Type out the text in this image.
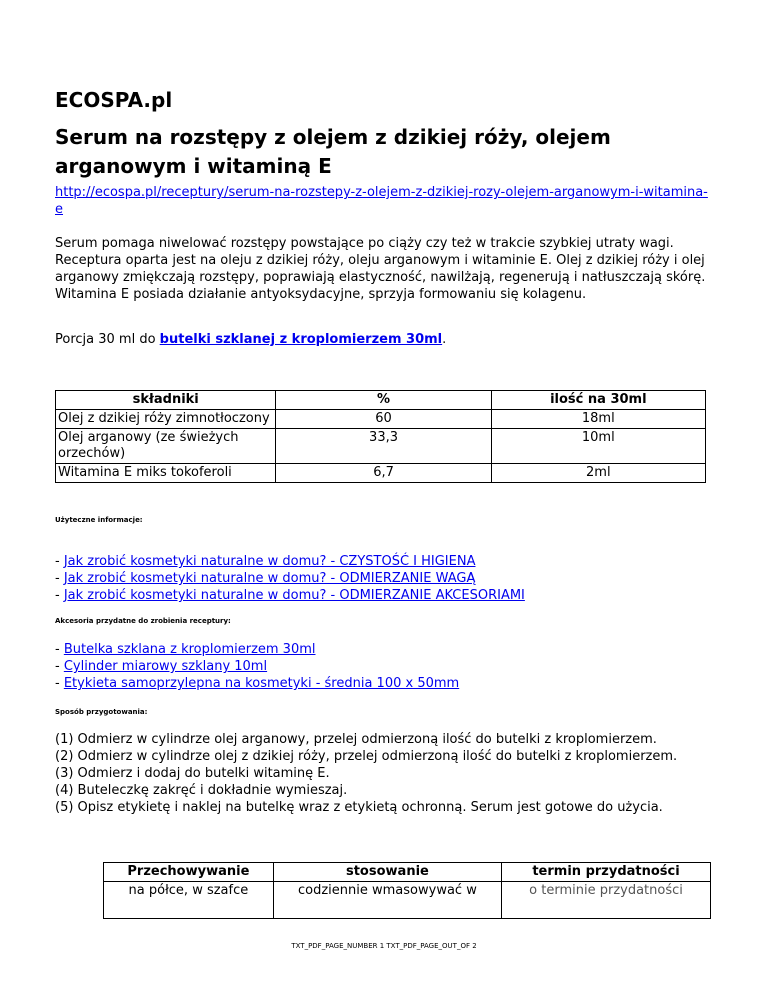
ECOSPA.pl
Serum na rozstępy z olejem z dzikiej róży, olejem arganowym i witaminą E
http://ecospa.pl/receptury/serum-na-rozstepy-z-olejem-z-dzikiej-rozy-olejem-arganowym-i-witamina-e

Serum pomaga niwelować rozstępy powstające po ciąży czy też w trakcie szybkiej utraty wagi. Receptura oparta jest na oleju z dzikiej róży, oleju arganowym i witaminie E. Olej z dzikiej róży i olej arganowy zmiękczają rozstępy, poprawiają elastyczność, nawilżają, regenerują i natłuszczają skórę. Witamina E posiada działanie antyoksydacyjne, sprzyja formowaniu się kolagenu.

Porcja 30 ml do butelki szklanej z kroplomierzem 30ml.

składniki	%	ilość na 30ml
Olej z dzikiej róży zimnotłoczony	60	18ml
Olej arganowy (ze świeżych orzechów)	33,3	10ml
Witamina E miks tokoferoli	6,7	2ml

Użyteczne informacje:

- Jak zrobić kosmetyki naturalne w domu? - CZYSTOŚĆ I HIGIENA
- Jak zrobić kosmetyki naturalne w domu? - ODMIERZANIE WAGĄ
- Jak zrobić kosmetyki naturalne w domu? - ODMIERZANIE AKCESORIAMI

Akcesoria przydatne do zrobienia receptury:

- Butelka szklana z kroplomierzem 30ml
- Cylinder miarowy szklany 10ml
- Etykieta samoprzylepna na kosmetyki - średnia 100 x 50mm

Sposób przygotowania:

(1) Odmierz w cylindrze olej arganowy, przelej odmierzoną ilość do butelki z kroplomierzem.
(2) Odmierz w cylindrze olej z dzikiej róży, przelej odmierzoną ilość do butelki z kroplomierzem.
(3) Odmierz i dodaj do butelki witaminę E.
(4) Buteleczkę zakręć i dokładnie wymieszaj.
(5) Opisz etykietę i naklej na butelkę wraz z etykietą ochronną. Serum jest gotowe do użycia.
Przechowywanie	stosowanie	termin przydatności
na półce, w szafce	codziennie wmasowywać w	o terminie przydatności

TXT_PDF_PAGE_NUMBER 1 TXT_PDF_PAGE_OUT_OF 2
